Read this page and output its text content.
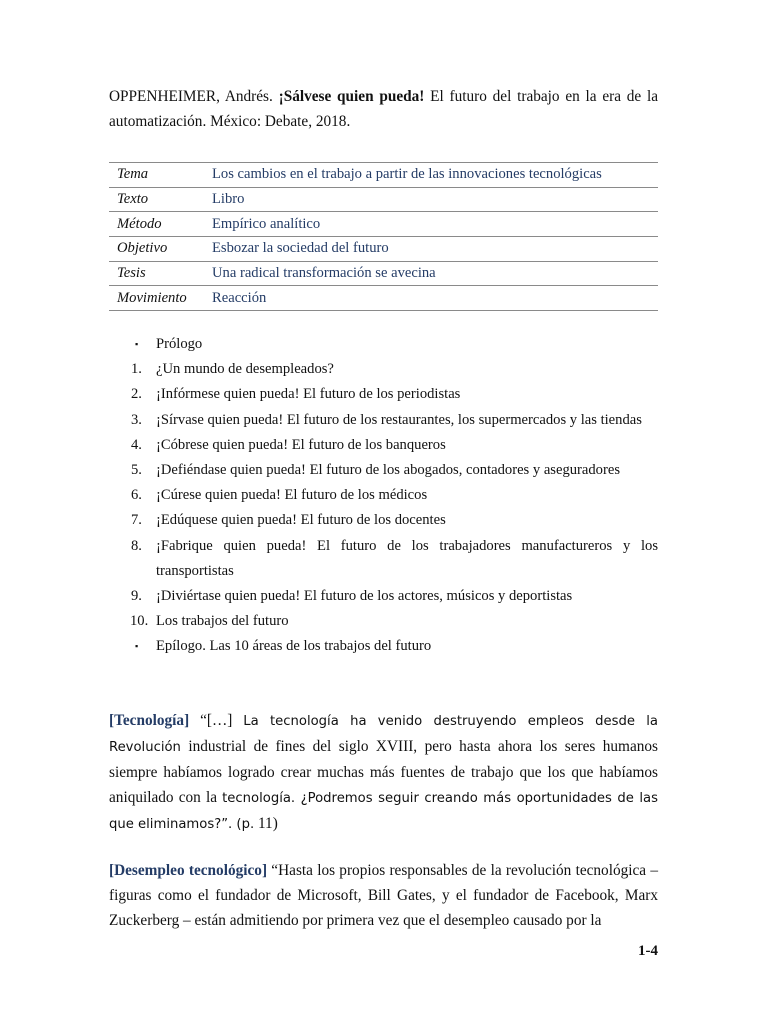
OPPENHEIMER, Andrés. ¡Sálvese quien pueda! El futuro del trabajo en la era de la automatización. México: Debate, 2018.

Tema	Los cambios en el trabajo a partir de las innovaciones tecnológicas
Texto	Libro
Método	Empírico analítico
Objetivo	Esbozar la sociedad del futuro
Tesis	Una radical transformación se avecina
Movimiento	Reacción
▪ Prólogo
1. ¿Un mundo de desempleados?
2. ¡Infórmese quien pueda! El futuro de los periodistas
3. ¡Sírvase quien pueda! El futuro de los restaurantes, los supermercados y las tiendas
4. ¡Cóbrese quien pueda! El futuro de los banqueros
5. ¡Defiéndase quien pueda! El futuro de los abogados, contadores y aseguradores
6. ¡Cúrese quien pueda! El futuro de los médicos
7. ¡Edúquese quien pueda! El futuro de los docentes
8. ¡Fabrique quien pueda! El futuro de los trabajadores manufactureros y los transportistas
9. ¡Diviértase quien pueda! El futuro de los actores, músicos y deportistas
10. Los trabajos del futuro
▪ Epílogo. Las 10 áreas de los trabajos del futuro

[Tecnología] “[…] La tecnología ha venido destruyendo empleos desde la Revolución industrial de fines del siglo XVIII, pero hasta ahora los seres humanos siempre habíamos logrado crear muchas más fuentes de trabajo que los que habíamos aniquilado con la tecnología. ¿Podremos seguir creando más oportunidades de las que eliminamos?”. (p. 11)

[Desempleo tecnológico] “Hasta los propios responsables de la revolución tecnológica – figuras como el fundador de Microsoft, Bill Gates, y el fundador de Facebook, Marx Zuckerberg – están admitiendo por primera vez que el desempleo causado por la

1-4
